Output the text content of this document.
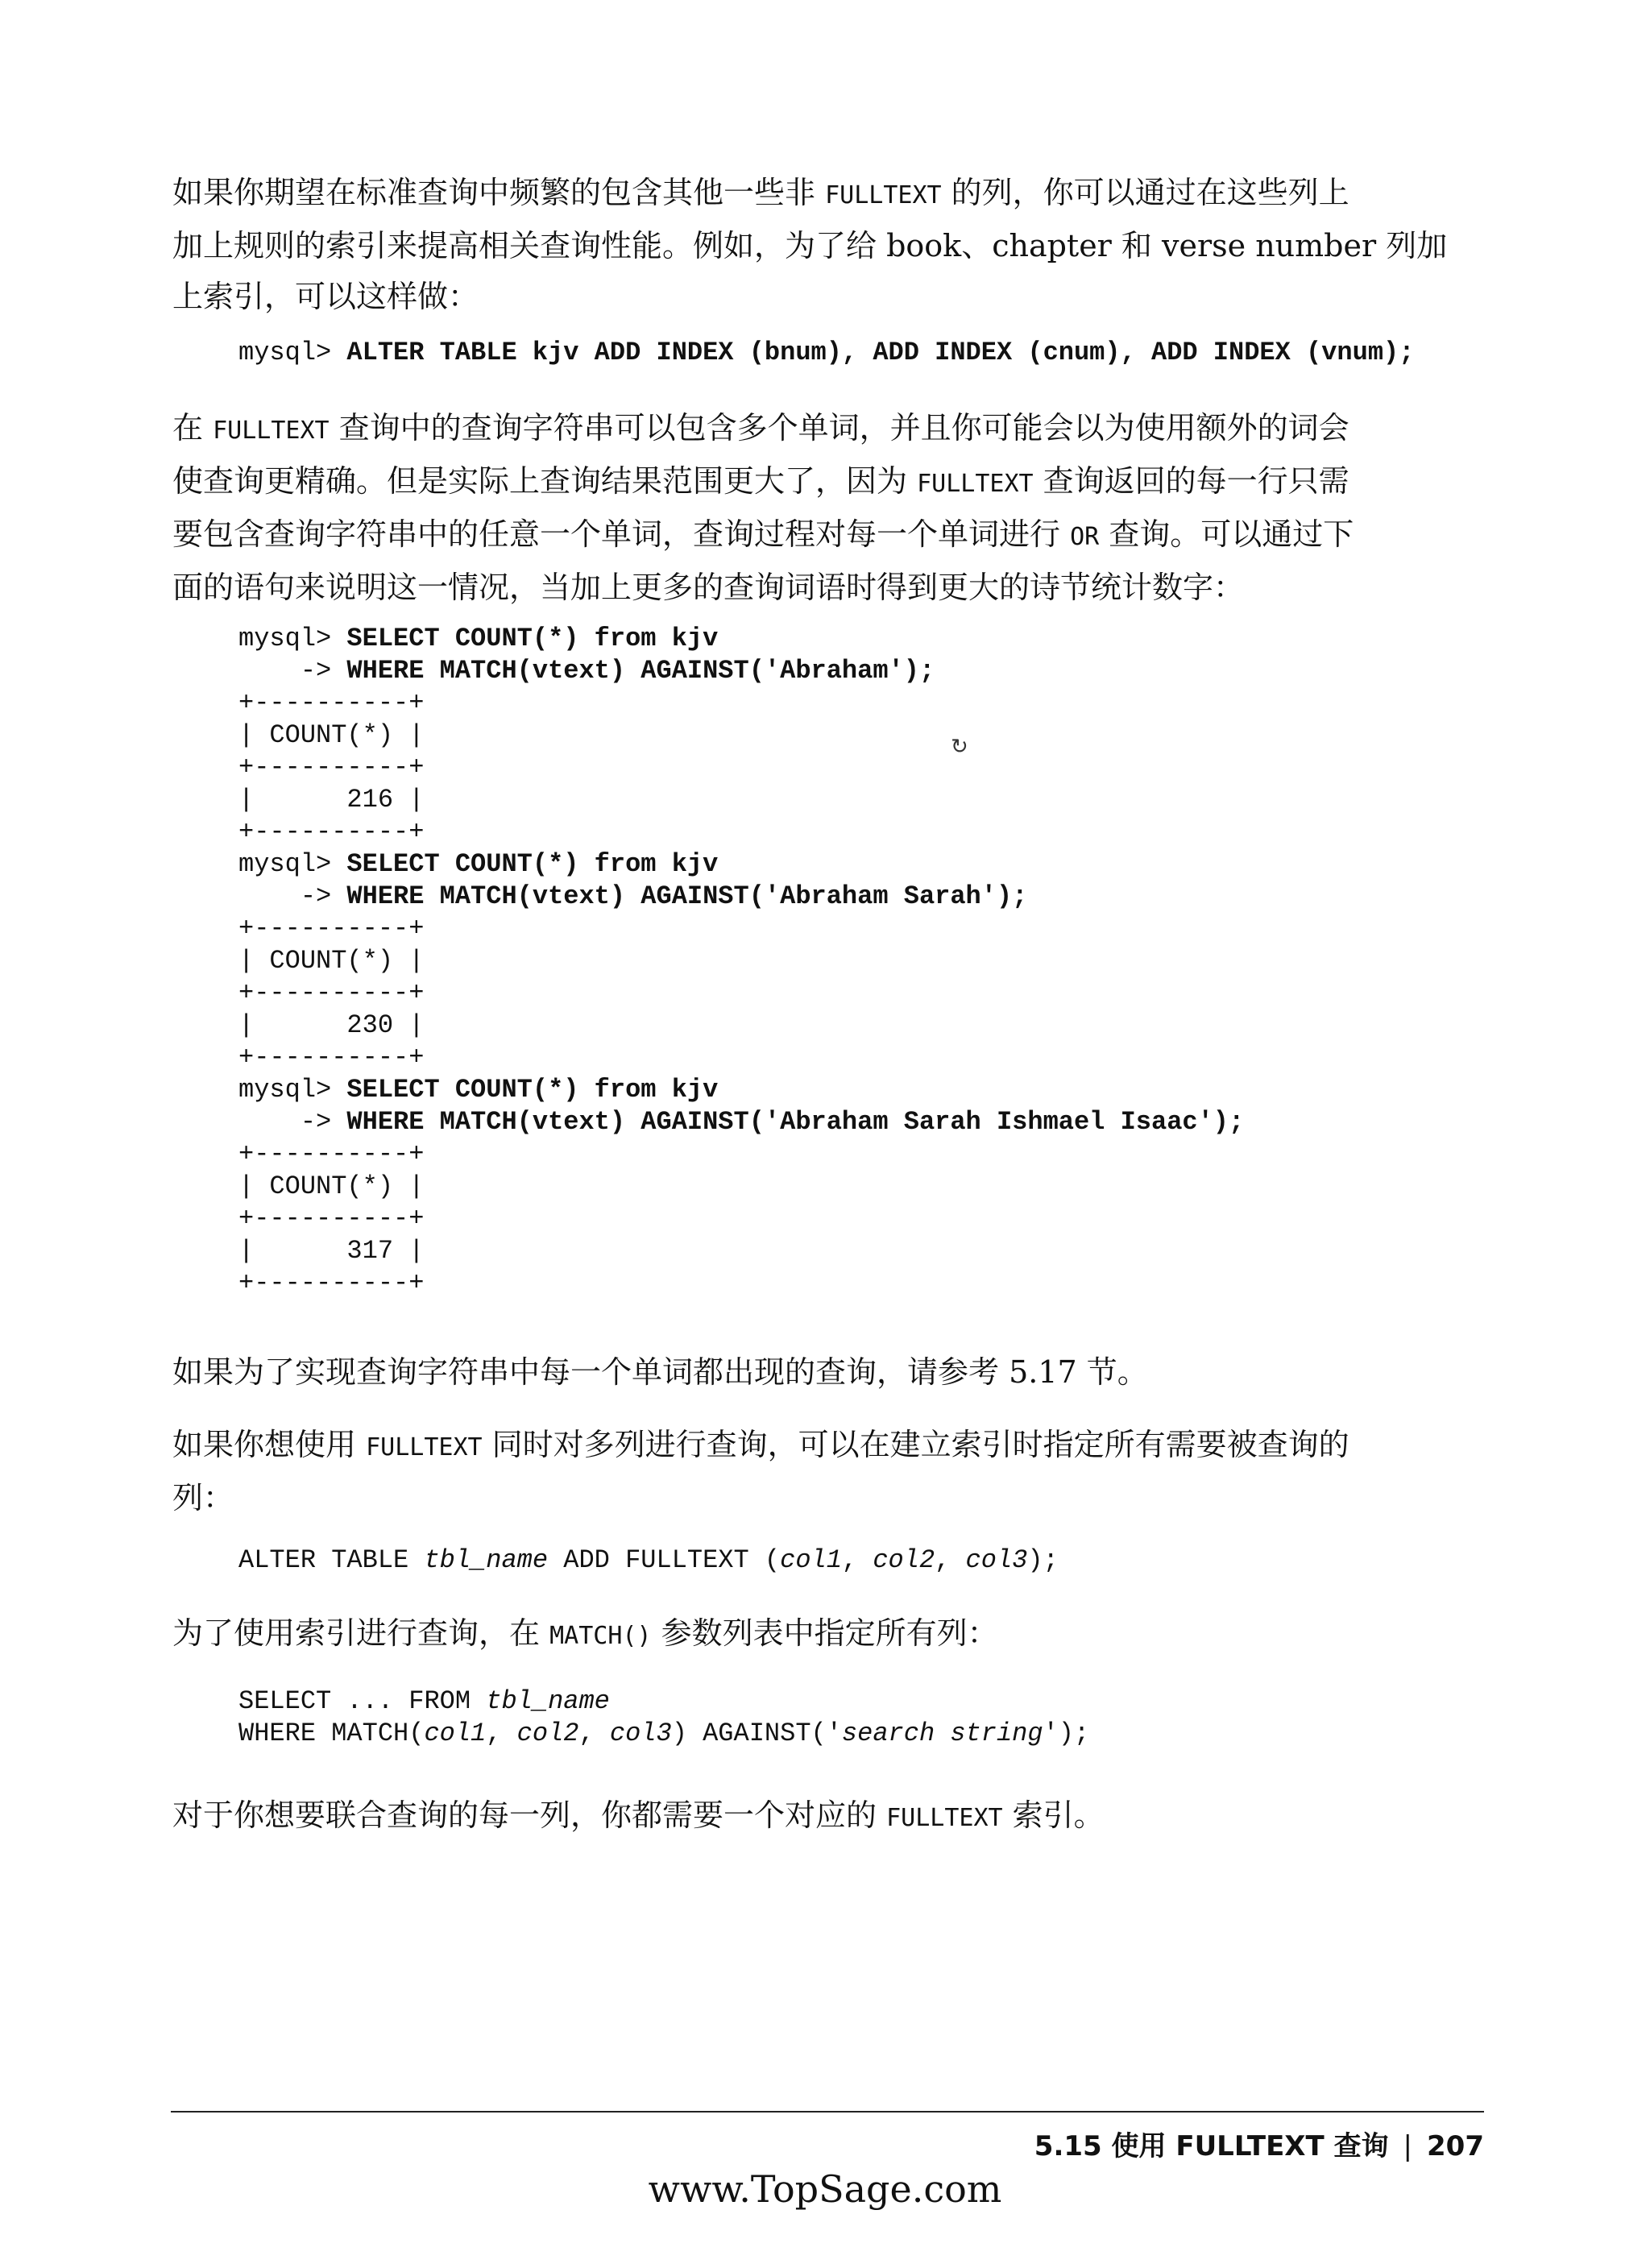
如果你期望在标准查询中频繁的包含其他一些非 FULLTEXT 的列，你可以通过在这些列上
加上规则的索引来提高相关查询性能。例如，为了给 book、chapter 和 verse number 列加
上索引，可以这样做：
mysql> ALTER TABLE kjv ADD INDEX (bnum), ADD INDEX (cnum), ADD INDEX (vnum);
在 FULLTEXT 查询中的查询字符串可以包含多个单词，并且你可能会以为使用额外的词会
使查询更精确。但是实际上查询结果范围更大了，因为 FULLTEXT 查询返回的每一行只需
要包含查询字符串中的任意一个单词，查询过程对每一个单词进行 OR 查询。可以通过下
面的语句来说明这一情况，当加上更多的查询词语时得到更大的诗节统计数字：
mysql> SELECT COUNT(*) from kjv
-> WHERE MATCH(vtext) AGAINST('Abraham');
+----------+
| COUNT(*) |
+----------+
|      216 |
+----------+
mysql> SELECT COUNT(*) from kjv
-> WHERE MATCH(vtext) AGAINST('Abraham Sarah');
+----------+
| COUNT(*) |
+----------+
|      230 |
+----------+
mysql> SELECT COUNT(*) from kjv
-> WHERE MATCH(vtext) AGAINST('Abraham Sarah Ishmael Isaac');
+----------+
| COUNT(*) |
+----------+
|      317 |
+----------+
↻
如果为了实现查询字符串中每一个单词都出现的查询，请参考 5.17 节。
如果你想使用 FULLTEXT 同时对多列进行查询，可以在建立索引时指定所有需要被查询的
列：
ALTER TABLE tbl_name ADD FULLTEXT (col1, col2, col3);
为了使用索引进行查询，在 MATCH() 参数列表中指定所有列：
SELECT ... FROM tbl_name
WHERE MATCH(col1, col2, col3) AGAINST('search string');
对于你想要联合查询的每一列，你都需要一个对应的 FULLTEXT 索引。
5.15 使用 FULLTEXT 查询 | 207
www.TopSage.com
